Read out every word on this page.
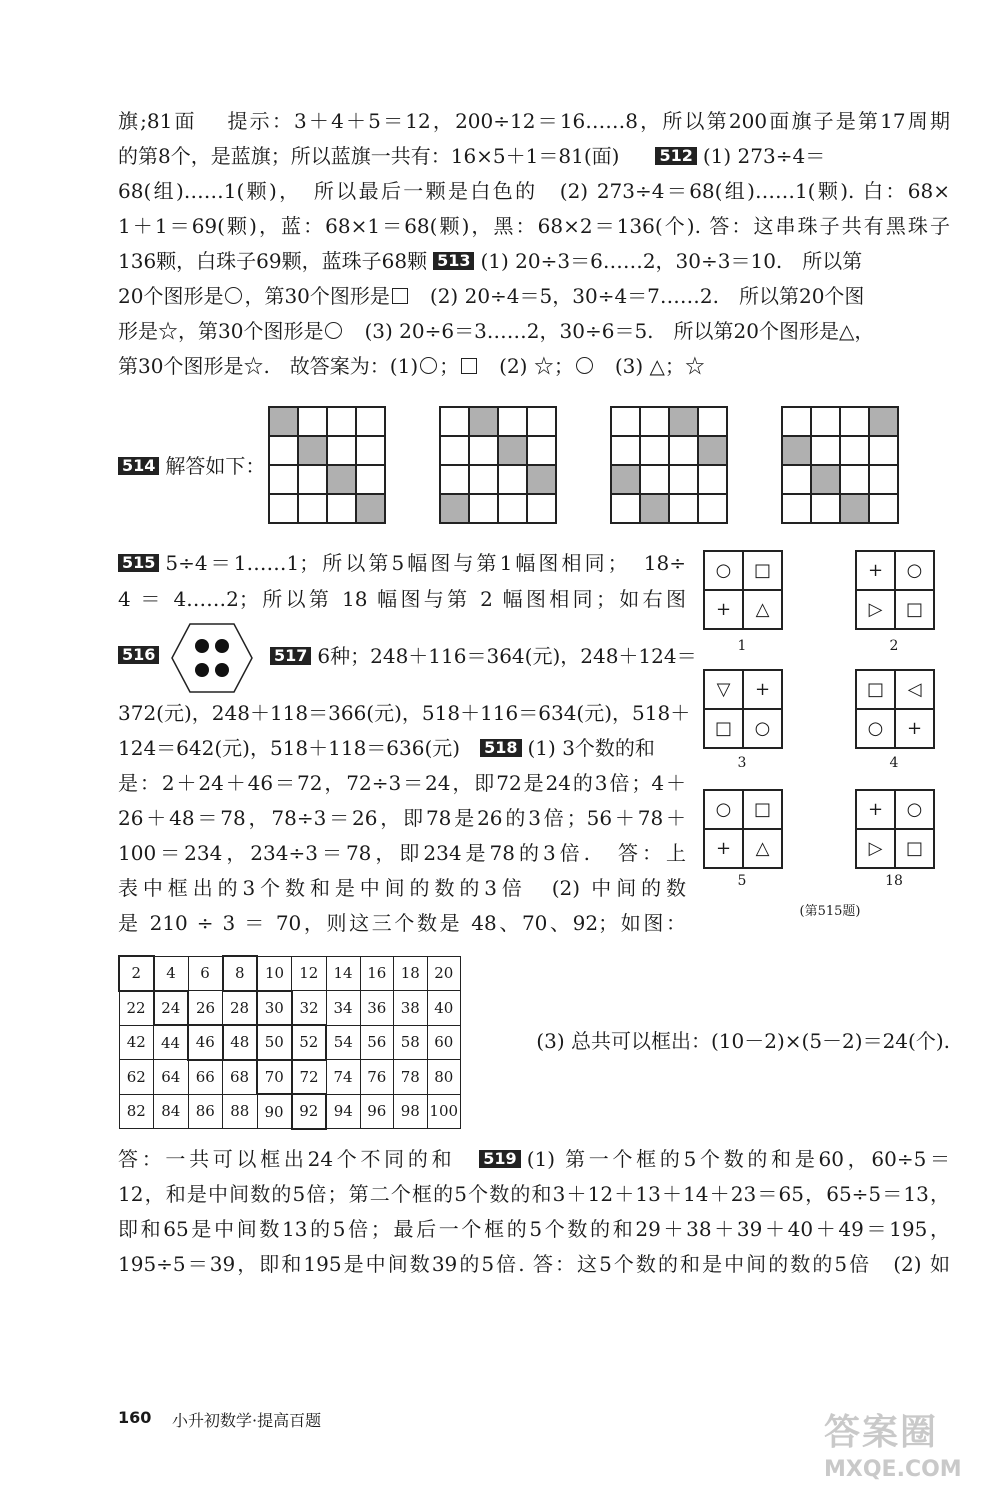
旗;81面　 提示：3＋4＋5＝12，200÷12＝16……8，所以第200面旗子是第17周期
的第8个，是蓝旗；所以蓝旗一共有：16×5＋1＝81(面)	512 (1) 273÷4＝
68(组)……1(颗)，　所以最后一颗是白色的　(2) 273÷4＝68(组)……1(颗). 白：68×
1＋1＝69(颗)，蓝：68×1＝68(颗)，黑：68×2＝136(个). 答：这串珠子共有黑珠子
136颗，白珠子69颗，蓝珠子68颗 513 (1) 20÷3＝6……2，30÷3＝10.　所以第
20个图形是 ，第30个图形是　(2) 20÷4＝5，30÷4＝7……2.　所以第20个图
形是☆，第30个图形是　(3) 20÷6＝3……2，30÷6＝5.　所以第20个图形是△，
第30个图形是☆.　故答案为：(1) ；　(2) ☆；　(3) △；☆
514 解答如下：
515 5÷4＝1……1；所以第5幅图与第1幅图相同；　18÷
4 ＝ 4……2；所以第 18 幅图与第 2 幅图相同；如右图
○	□
+	△
1
+	○
▷	□
2
▽	+
□	○
3
□	◁
○	+
4
○	□
+	△
5
+	○
▷	□
18
(第515题)
516	517 6种；248＋116＝364(元)，248＋124＝
372(元)，248＋118＝366(元)，518＋116＝634(元)，518＋
124＝642(元)，518＋118＝636(元) 518 (1) 3个数的和
是：2＋24＋46＝72，72÷3＝24，即72是24的3倍；4＋
26＋48＝78，78÷3＝26，即78是26的3倍；56＋78＋
100＝234，234÷3＝78，即234是78的3倍.　答：上
表中框出的3个数和是中间的数的3倍　(2) 中间的数
是 210 ÷ 3 ＝ 70，则这三个数是 48、70、92；如图：
2	4	6	8	10	12	14	16	18	20
22	24	26	28	30	32	34	36	38	40
42	44	46	48	50	52	54	56	58	60
62	64	66	68	70	72	74	76	78	80
82	84	86	88	90	92	94	96	98	100
(3) 总共可以框出：(10－2)×(5－2)＝24(个).
答：一共可以框出24个不同的和 519 (1) 第一个框的5个数的和是60，60÷5＝
12，和是中间数的5倍；第二个框的5个数的和3＋12＋13＋14＋23＝65，65÷5＝13，
即和65是中间数13的5倍；最后一个框的5个数的和29＋38＋39＋40＋49＝195，
195÷5＝39，即和195是中间数39的5倍. 答：这5个数的和是中间的数的5倍　(2) 如
160 小升初数学·提高百题	答案圈
MXQE.COM
